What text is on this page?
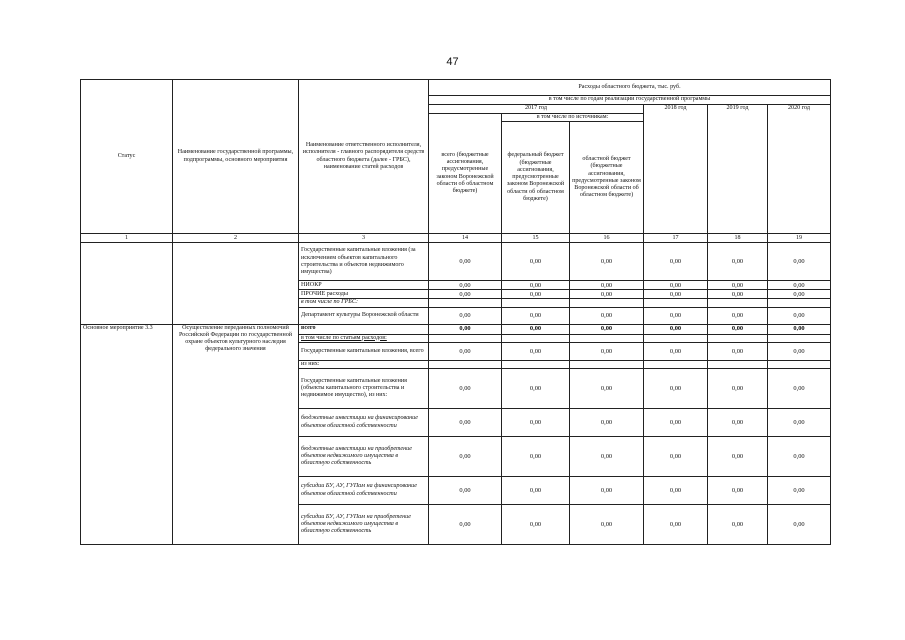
47
Статус	Наименование государственной программы, подпрограммы, основного мероприятия	Наименование ответственного исполнителя, исполнителя - главного распорядителя средств областного бюджета (далее - ГРБС), наименование статей расходов	Расходы областного бюджета, тыс. руб.					
			в том числе по годам реализации государственной программы					
			2017 год			2018 год	2019 год	2020 год
			всего (бюджетные ассигнования, предусмотренные законом Воронежской области об областном бюджете)	в том числе по источникам:				
				федеральный бюджет (бюджетные ассигнования, предусмотренные законом Воронежской области об областном бюджете)	областной бюджет (бюджетные ассигнования, предусмотренные законом Воронежской области об областном бюджете)			
1	2	3	14	15	16	17	18	19
		Государственные капитальные вложения (за исключением объектов капитального строительства и объектов недвижимого имущества)	0,00	0,00	0,00	0,00	0,00	0,00
		НИОКР	0,00	0,00	0,00	0,00	0,00	0,00
		ПРОЧИЕ расходы	0,00	0,00	0,00	0,00	0,00	0,00
		в том числе по ГРБС:						
		Департамент культуры Воронежской области	0,00	0,00	0,00	0,00	0,00	0,00
Основное мероприятие 3.3	Осуществление переданных полномочий Российской Федерации по государственной охране объектов культурного наследия федерального значения	всего	0,00	0,00	0,00	0,00	0,00	0,00
		в том числе по статьям расходов:						
		Государственные капитальные вложения, всего	0,00	0,00	0,00	0,00	0,00	0,00
		из них:						
		Государственные капитальные вложения (объекты капитального строительства и недвижимое имущество), из них:	0,00	0,00	0,00	0,00	0,00	0,00
		бюджетные инвестиции на финансирование объектов областной собственности	0,00	0,00	0,00	0,00	0,00	0,00
		бюджетные инвестиции на приобретение объектов недвижимого имущества в областную собственность	0,00	0,00	0,00	0,00	0,00	0,00
		субсидии БУ, АУ, ГУПам на финансирование объектов областной собственности	0,00	0,00	0,00	0,00	0,00	0,00
		субсидии БУ, АУ, ГУПам на приобретение объектов недвижимого имущества в областную собственность	0,00	0,00	0,00	0,00	0,00	0,00
